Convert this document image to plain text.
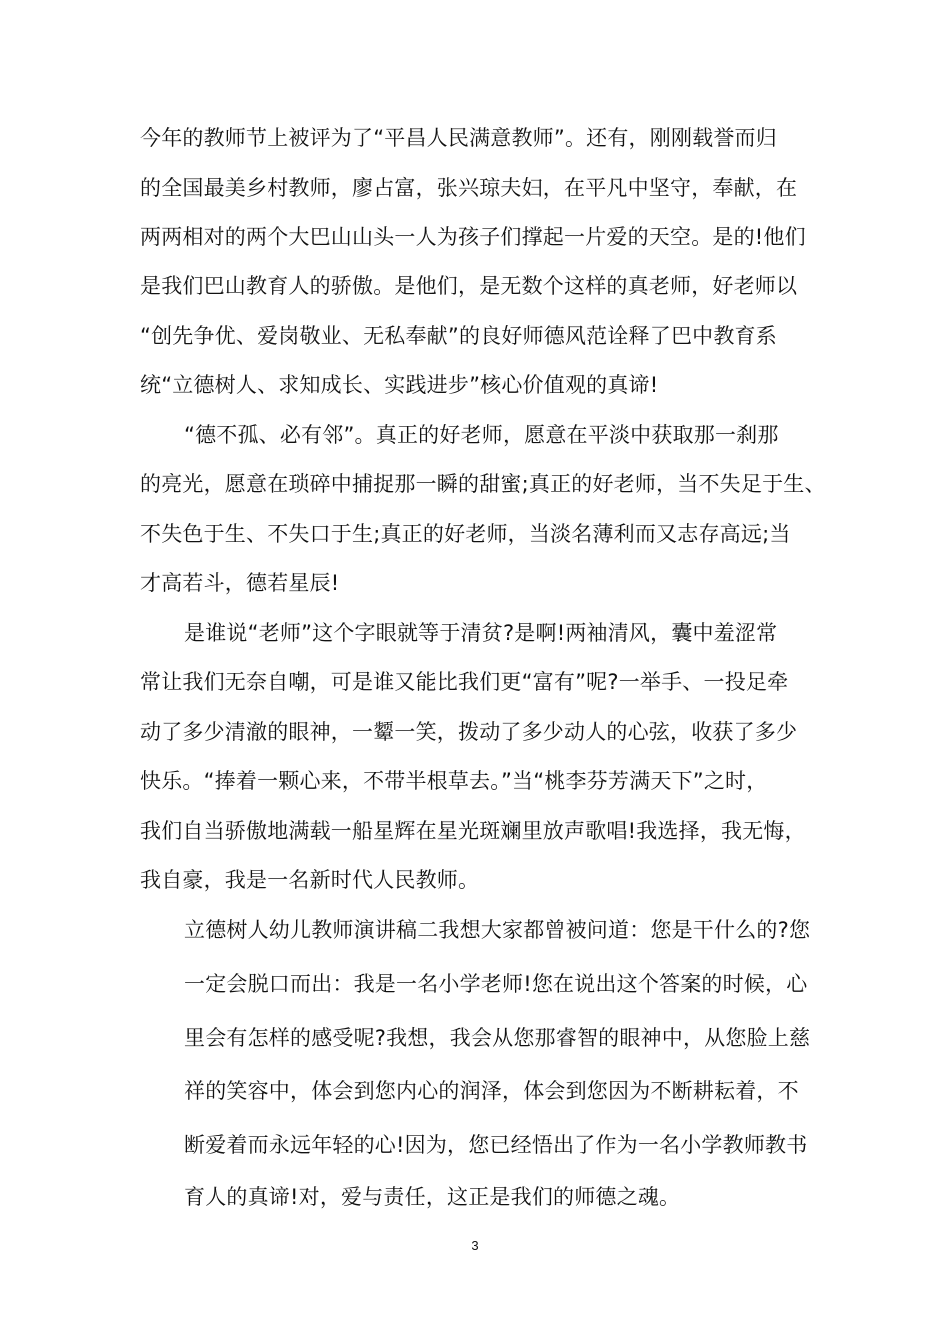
今年的教师节上被评为了“平昌人民满意教师”。还有，刚刚载誉而归
的全国最美乡村教师，廖占富，张兴琼夫妇，在平凡中坚守，奉献，在
两两相对的两个大巴山山头一人为孩子们撑起一片爱的天空。是的!他们
是我们巴山教育人的骄傲。是他们，是无数个这样的真老师，好老师以
“创先争优、爱岗敬业、无私奉献”的良好师德风范诠释了巴中教育系
统“立德树人、求知成长、实践进步”核心价值观的真谛!
“德不孤、必有邻”。真正的好老师，愿意在平淡中获取那一刹那
的亮光，愿意在琐碎中捕捉那一瞬的甜蜜;真正的好老师，当不失足于生、
不失色于生、不失口于生;真正的好老师，当淡名薄利而又志存高远;当
才高若斗，德若星辰!
是谁说“老师”这个字眼就等于清贫?是啊!两袖清风，囊中羞涩常
常让我们无奈自嘲，可是谁又能比我们更“富有”呢?一举手、一投足牵
动了多少清澈的眼神，一颦一笑，拨动了多少动人的心弦，收获了多少
快乐。“捧着一颗心来，不带半根草去。”当“桃李芬芳满天下”之时，
我们自当骄傲地满载一船星辉在星光斑斓里放声歌唱!我选择，我无悔，
我自豪，我是一名新时代人民教师。
立德树人幼儿教师演讲稿二我想大家都曾被问道：您是干什么的?您
一定会脱口而出：我是一名小学老师!您在说出这个答案的时候，心
里会有怎样的感受呢?我想，我会从您那睿智的眼神中，从您脸上慈
祥的笑容中，体会到您内心的润泽，体会到您因为不断耕耘着，不
断爱着而永远年轻的心!因为，您已经悟出了作为一名小学教师教书
育人的真谛!对，爱与责任，这正是我们的师德之魂。
3
